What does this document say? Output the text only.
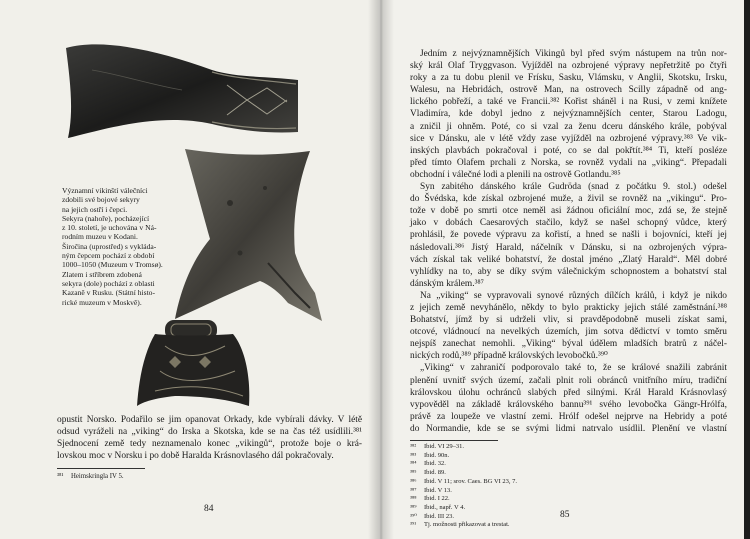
Významní vikinští válečníci
zdobili své bojové sekyry
na jejich ostří i čepci.
Sekyra (nahoře), pocházející
z 10. století, je uchována v Ná-
rodním muzeu v Kodani.
Širočina (uprostřed) s vykláda-
ným čepcem pochází z období
1000–1050 (Muzeum v Tromsø).
Zlatem i stříbrem zdobená
sekyra (dole) pochází z oblasti
Kazaně v Rusku. (Státní histo-
rické muzeum v Moskvě).
opustit Norsko. Podařilo se jim opanovat Orkady, kde vybírali dávky. V létě
odsud vyráželi na „viking“ do Irska a Skotska, kde se na čas též usídlili.³⁸¹
Sjednocení země tedy neznamenalo konec „vikingů“, protože boje o krá-
lovskou moc v Norsku i po době Haralda Krásnovlasého dál pokračovaly.
³⁸¹ Heimskringla IV 5.
84
Jedním z nejvýznamnějších Vikingů byl před svým nástupem na trůn nor-
ský král Olaf Tryggvason. Vyjížděl na ozbrojené výpravy nepřetržitě po čtyři
roky a za tu dobu plenil ve Frísku, Sasku, Vlámsku, v Anglii, Skotsku, Irsku,
Walesu, na Hebridách, ostrově Man, na ostrovech Scilly západně od ang-
lického pobřeží, a také ve Francii.³⁸² Kořist sháněl i na Rusi, v zemi knížete
Vladimíra, kde dobyl jedno z nejvýznamnějších center, Starou Ladogu,
a zničil ji ohněm. Poté, co si vzal za ženu dceru dánského krále, pobýval
sice v Dánsku, ale v létě vždy zase vyjížděl na ozbrojené výpravy.³⁸³ Ve vik-
inských plavbách pokračoval i poté, co se dal pokřtít.³⁸⁴ Ti, kteří posléze
před tímto Olafem prchali z Norska, se rovněž vydali na „viking“. Přepadali
obchodní i válečné lodi a plenili na ostrově Gotlandu.³⁸⁵
Syn zabitého dánského krále Gudröda (snad z počátku 9. stol.) odešel
do Švédska, kde získal ozbrojené muže, a živil se rovněž na „vikingu“. Pro-
tože v době po smrti otce neměl asi žádnou oficiální moc, zdá se, že stejně
jako v dobách Caesarových stačilo, když se našel schopný vůdce, který
prohlásil, že povede výpravu za kořistí, a hned se našli i bojovníci, kteří jej
následovali.³⁸⁶ Jistý Harald, náčelník v Dánsku, si na ozbrojených výpra-
vách získal tak veliké bohatství, že dostal jméno „Zlatý Harald“. Měl dobré
vyhlídky na to, aby se díky svým válečnickým schopnostem a bohatství stal
dánským králem.³⁸⁷
Na „viking“ se vypravovali synové různých dílčích králů, i když je nikdo
z jejich země nevyhánělo, někdy to bylo prakticky jejich stálé zaměstnání.³⁸⁸
Bohatství, jímž by si udrželi vliv, si pravděpodobně museli získat sami,
otcové, vládnoucí na nevelkých územích, jim sotva dědictví v tomto směru
nejspíš zanechat nemohli. „Viking“ býval údělem mladších bratrů z náčel-
nických rodů,³⁸⁹ případně královských levobočků.³⁹⁰
„Viking“ v zahraničí podporovalo také to, že se králové snažili zabránit
plenění uvnitř svých území, začali plnit roli obránců vnitřního míru, tradiční
královskou úlohu ochránců slabých před silnými. Král Harald Krásnovlasý
vypověděl na základě královského bannu³⁹¹ svého levobočka Gängr-Hrólfa,
právě za loupeže ve vlastní zemi. Hrólf odešel nejprve na Hebridy a poté
do Normandie, kde se se svými lidmi natrvalo usídlil. Plenění ve vlastní
³⁸² Ibid. VI 29–31.
³⁸³ Ibid. 90n.
³⁸⁴ Ibid. 32.
³⁸⁵ Ibid. 89.
³⁸⁶ Ibid. V 11; srov. Caes. BG VI 23, 7.
³⁸⁷ Ibid. V 13.
³⁸⁸ Ibid. I 22.
³⁸⁹ Ibid., např. V 4.
³⁹⁰ Ibid. III 23.
³⁹¹ Tj. možnosti přikazovat a trestat.
85
